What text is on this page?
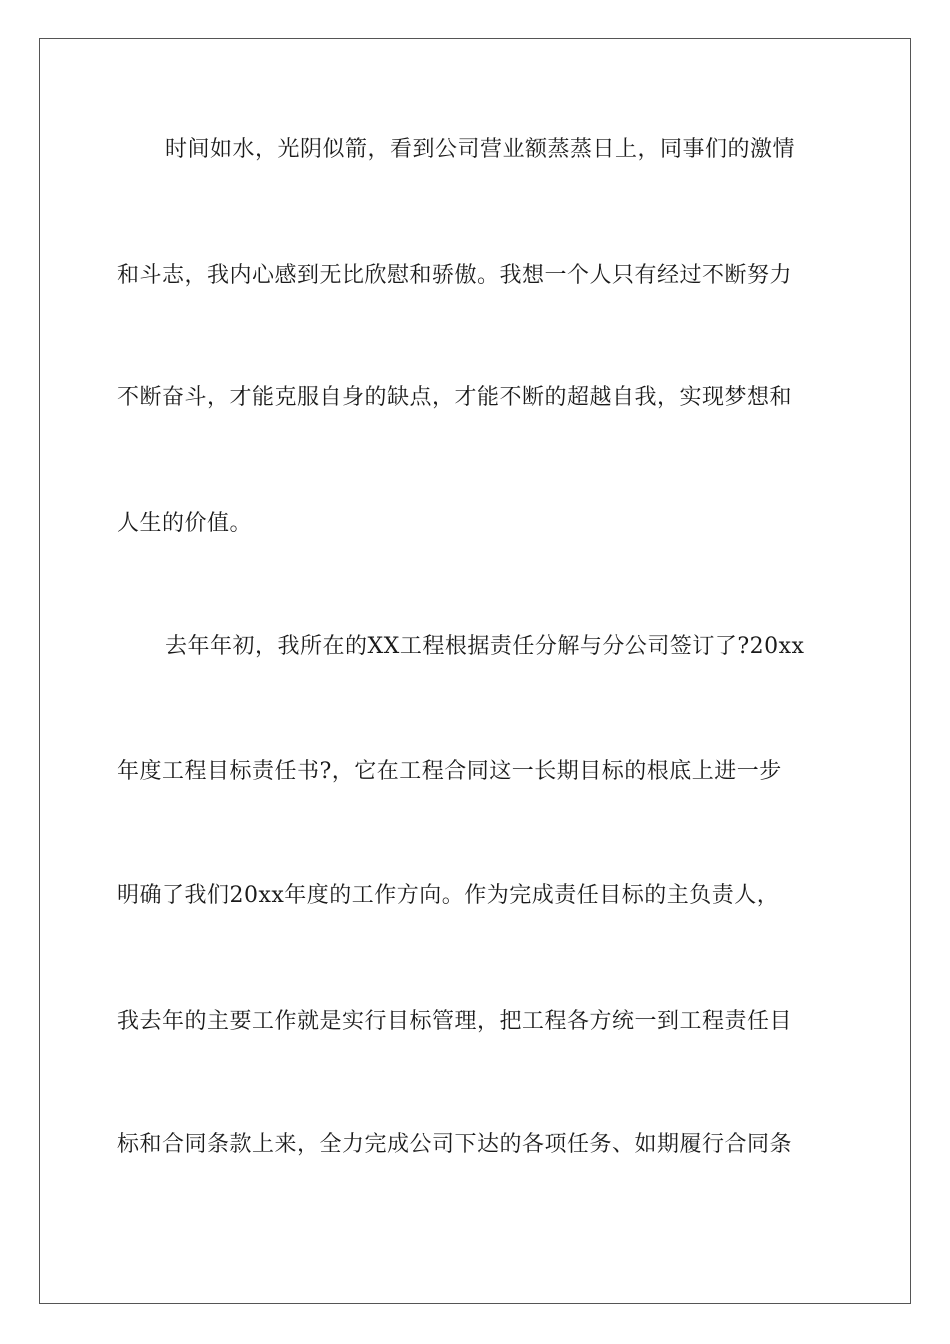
时间如水，光阴似箭，看到公司营业额蒸蒸日上，同事们的激情
和斗志，我内心感到无比欣慰和骄傲。我想一个人只有经过不断努力
不断奋斗，才能克服自身的缺点，才能不断的超越自我，实现梦想和
人生的价值。
去年年初，我所在的XX工程根据责任分解与分公司签订了?20xx
年度工程目标责任书?，它在工程合同这一长期目标的根底上进一步
明确了我们20xx年度的工作方向。作为完成责任目标的主负责人，
我去年的主要工作就是实行目标管理，把工程各方统一到工程责任目
标和合同条款上来，全力完成公司下达的各项任务、如期履行合同条
